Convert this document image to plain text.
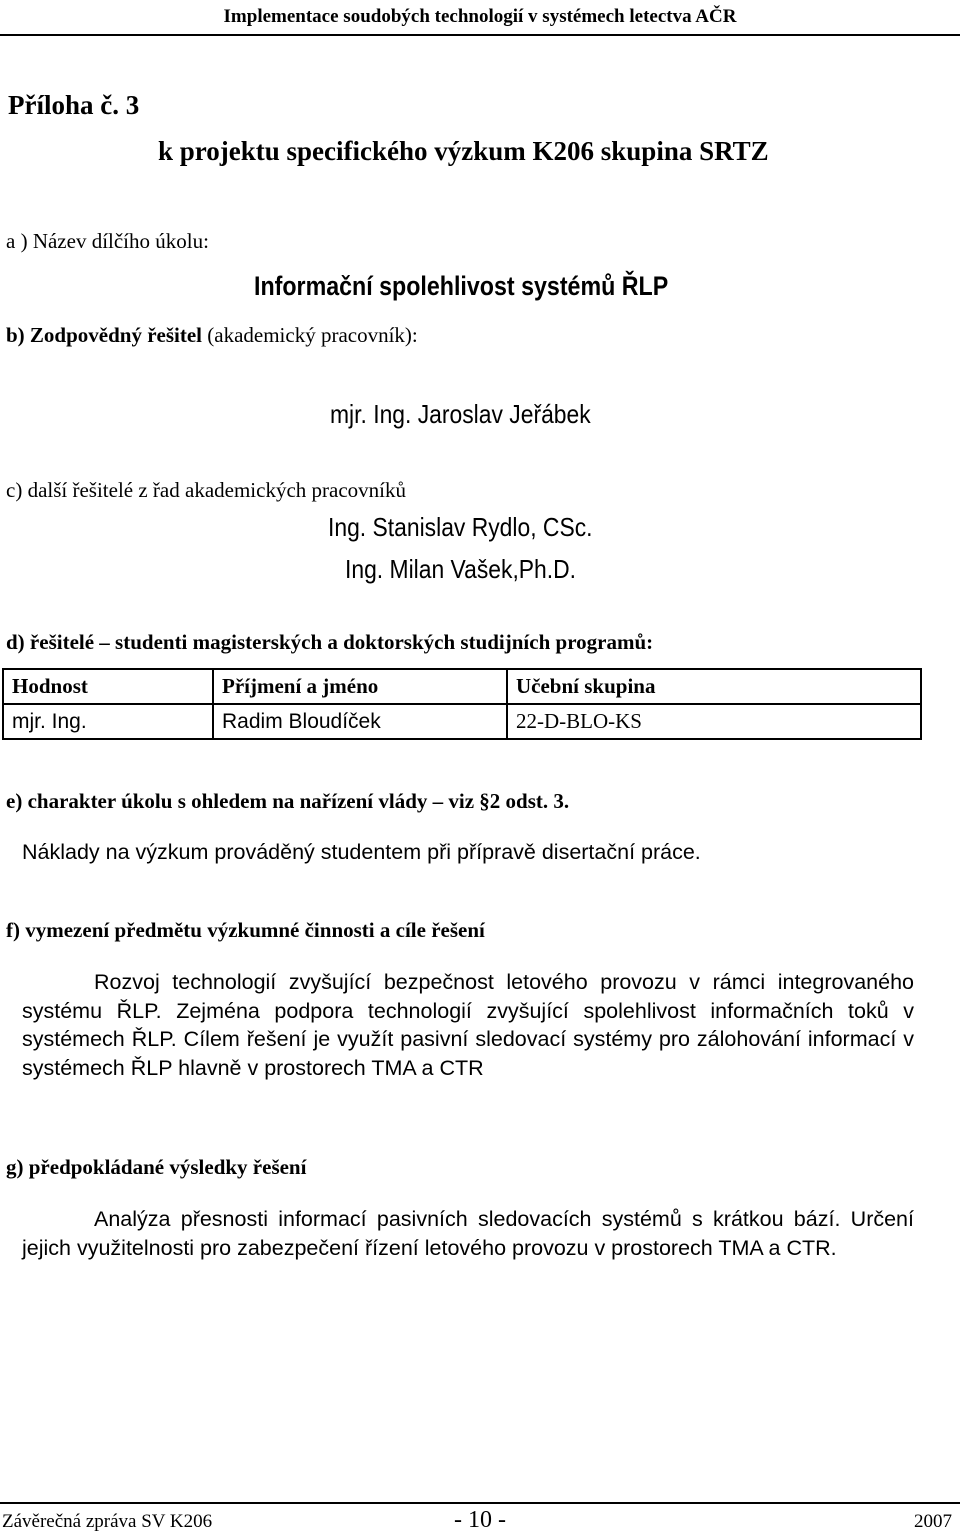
Implementace soudobých technologií v systémech letectva AČR
Příloha č. 3
k projektu specifického výzkum K206 skupina SRTZ
a ) Název dílčího úkolu:
Informační spolehlivost systémů ŘLP
b) Zodpovědný řešitel (akademický pracovník):
mjr. Ing. Jaroslav Jeřábek
c) další řešitelé z řad akademických pracovníků
Ing. Stanislav Rydlo, CSc.
Ing. Milan Vašek,Ph.D.
d) řešitelé – studenti magisterských a doktorských studijních programů:
Hodnost	Příjmení a jméno	Učební skupina
mjr. Ing.	Radim Bloudíček	22-D-BLO-KS
e) charakter úkolu s ohledem na nařízení vlády – viz §2 odst. 3.
Náklady na výzkum prováděný studentem při přípravě disertační práce.
f) vymezení předmětu výzkumné činnosti a cíle řešení
Rozvoj technologií zvyšující bezpečnost letového provozu v rámci integrovaného systému ŘLP. Zejména podpora technologií zvyšující spolehlivost informačních toků v systémech ŘLP. Cílem řešení je využít pasivní sledovací systémy pro zálohování informací v systémech ŘLP hlavně v prostorech TMA a CTR
g) předpokládané výsledky řešení
Analýza přesnosti informací pasivních sledovacích systémů s krátkou bází. Určení jejich využitelnosti pro zabezpečení řízení letového provozu v prostorech TMA a CTR.
Závěrečná zpráva SV K206	- 10 -	2007
